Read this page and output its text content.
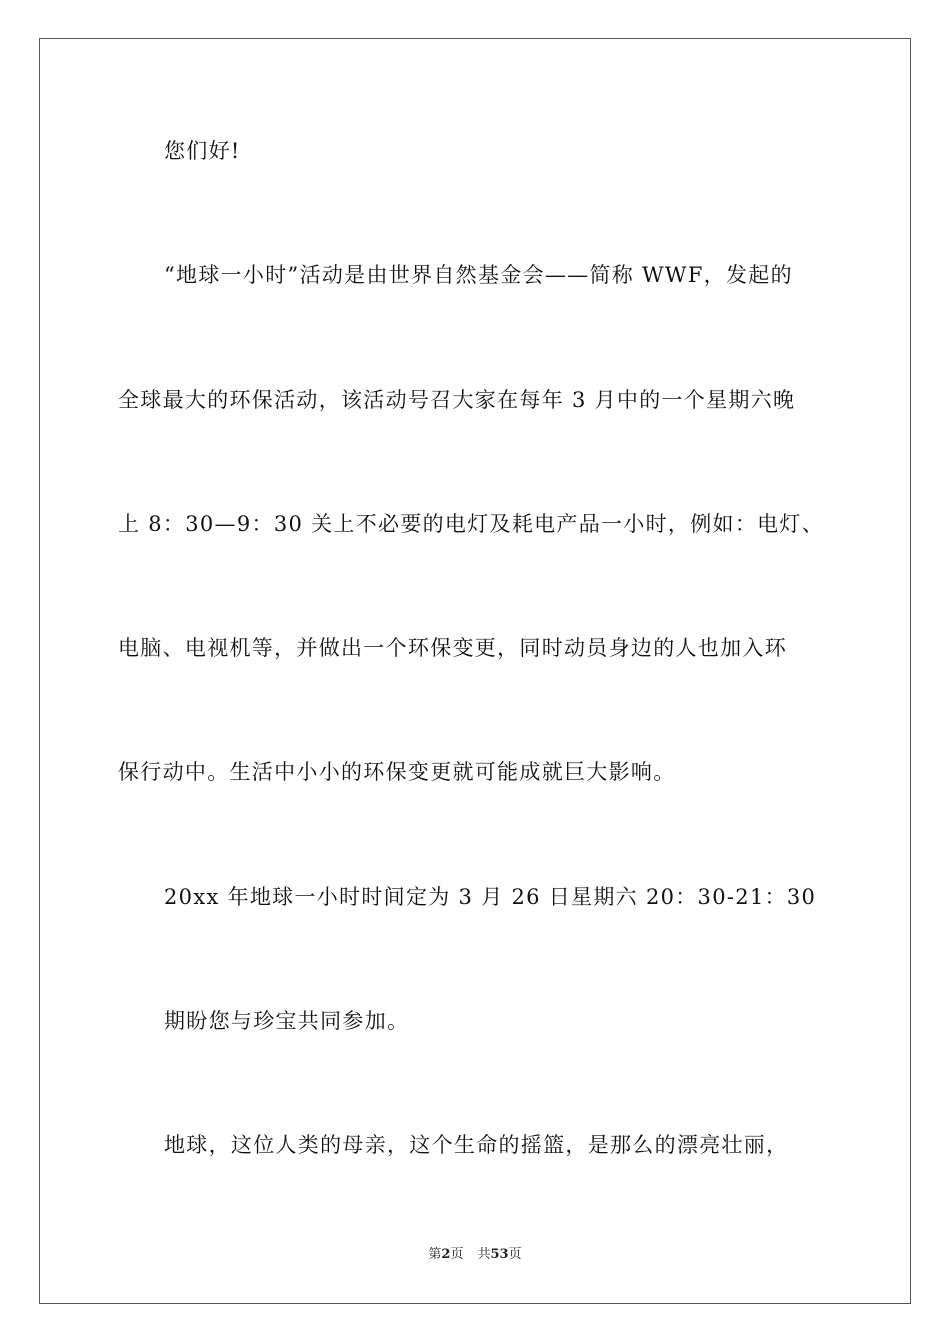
您们好!
“地球一小时”活动是由世界自然基金会——简称 WWF，发起的
全球最大的环保活动，该活动号召大家在每年 3 月中的一个星期六晚
上 8：30—9：30 关上不必要的电灯及耗电产品一小时，例如：电灯、
电脑、电视机等，并做出一个环保变更，同时动员身边的人也加入环
保行动中。生活中小小的环保变更就可能成就巨大影响。
20xx 年地球一小时时间定为 3 月 26 日星期六 20：30-21：30
期盼您与珍宝共同参加。
地球，这位人类的母亲，这个生命的摇篮，是那么的漂亮壮丽，
第2页 共53页
